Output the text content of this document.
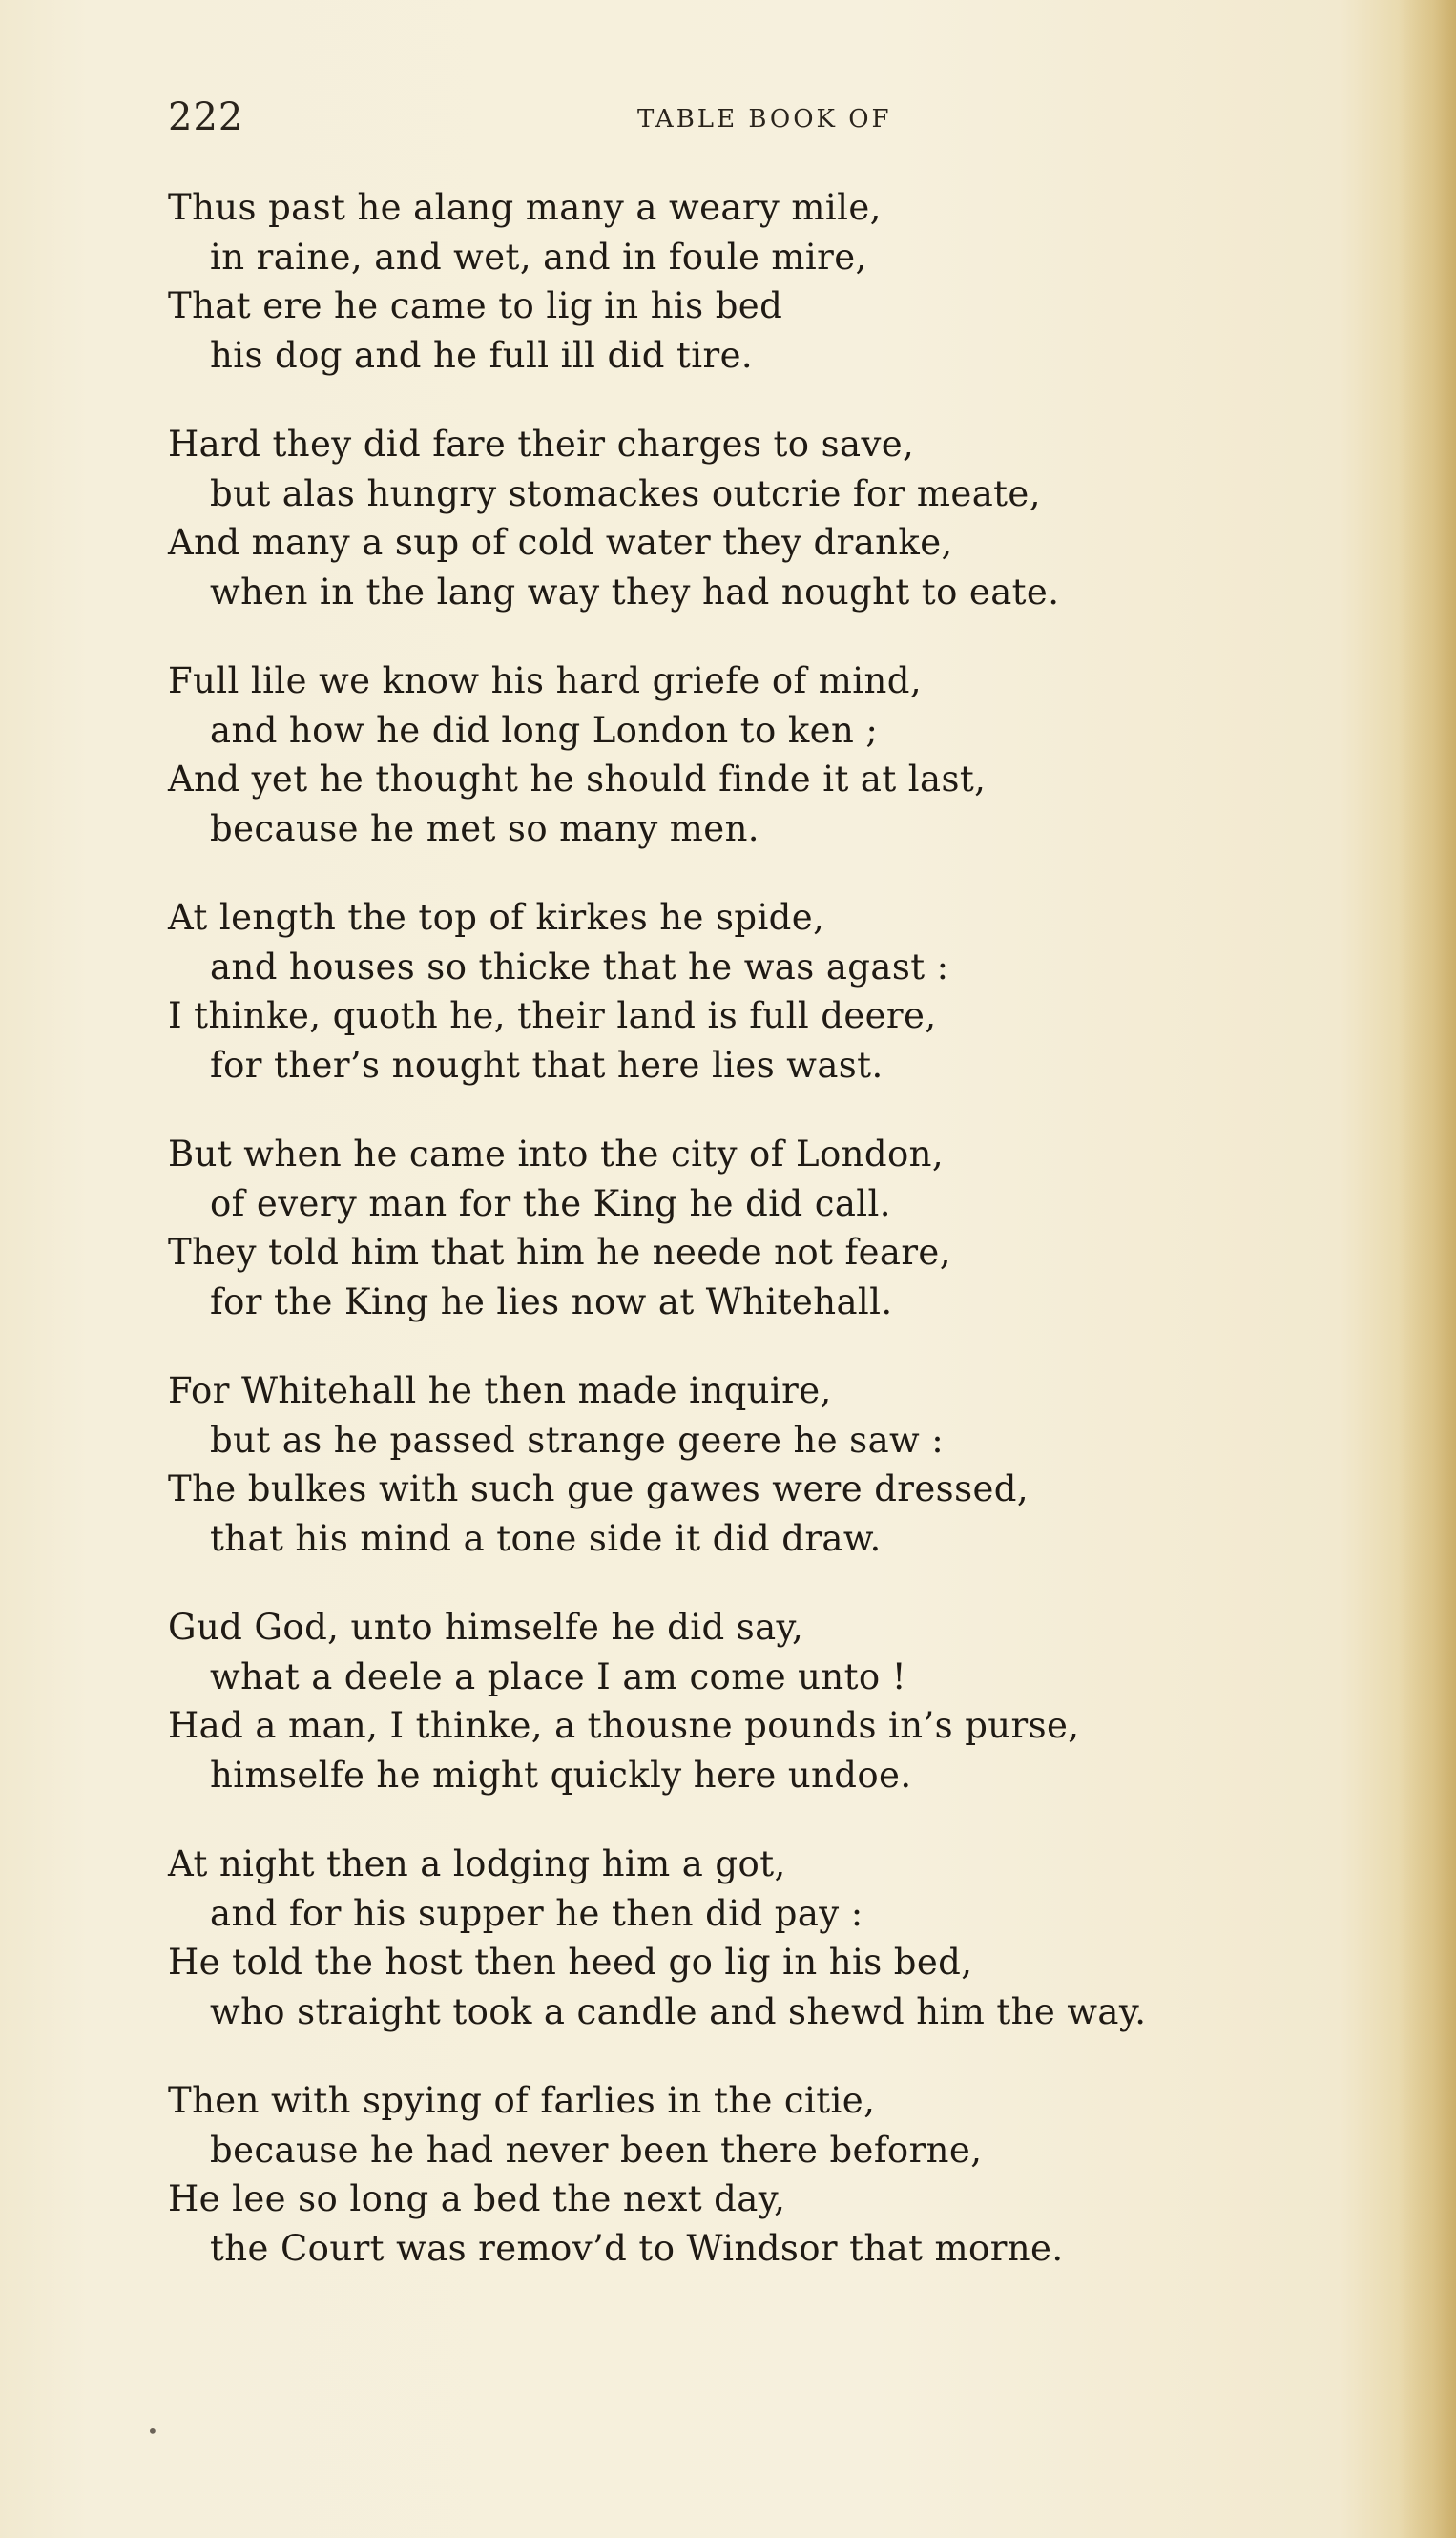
222	TABLE BOOK OF
Thus past he alang many a weary mile,
in raine, and wet, and in foule mire,
That ere he came to lig in his bed
his dog and he full ill did tire.
Hard they did fare their charges to save,
but alas hungry stomackes outcrie for meate,
And many a sup of cold water they dranke,
when in the lang way they had nought to eate.
Full lile we know his hard griefe of mind,
and how he did long London to ken ;
And yet he thought he should finde it at last,
because he met so many men.
At length the top of kirkes he spide,
and houses so thicke that he was agast :
I thinke, quoth he, their land is full deere,
for ther’s nought that here lies wast.
But when he came into the city of London,
of every man for the King he did call.
They told him that him he neede not feare,
for the King he lies now at Whitehall.
For Whitehall he then made inquire,
but as he passed strange geere he saw :
The bulkes with such gue gawes were dressed,
that his mind a tone side it did draw.
Gud God, unto himselfe he did say,
what a deele a place I am come unto !
Had a man, I thinke, a thousne pounds in’s purse,
himselfe he might quickly here undoe.
At night then a lodging him a got,
and for his supper he then did pay :
He told the host then heed go lig in his bed,
who straight took a candle and shewd him the way.
Then with spying of farlies in the citie,
because he had never been there beforne,
He lee so long a bed the next day,
the Court was remov’d to Windsor that morne.
•
